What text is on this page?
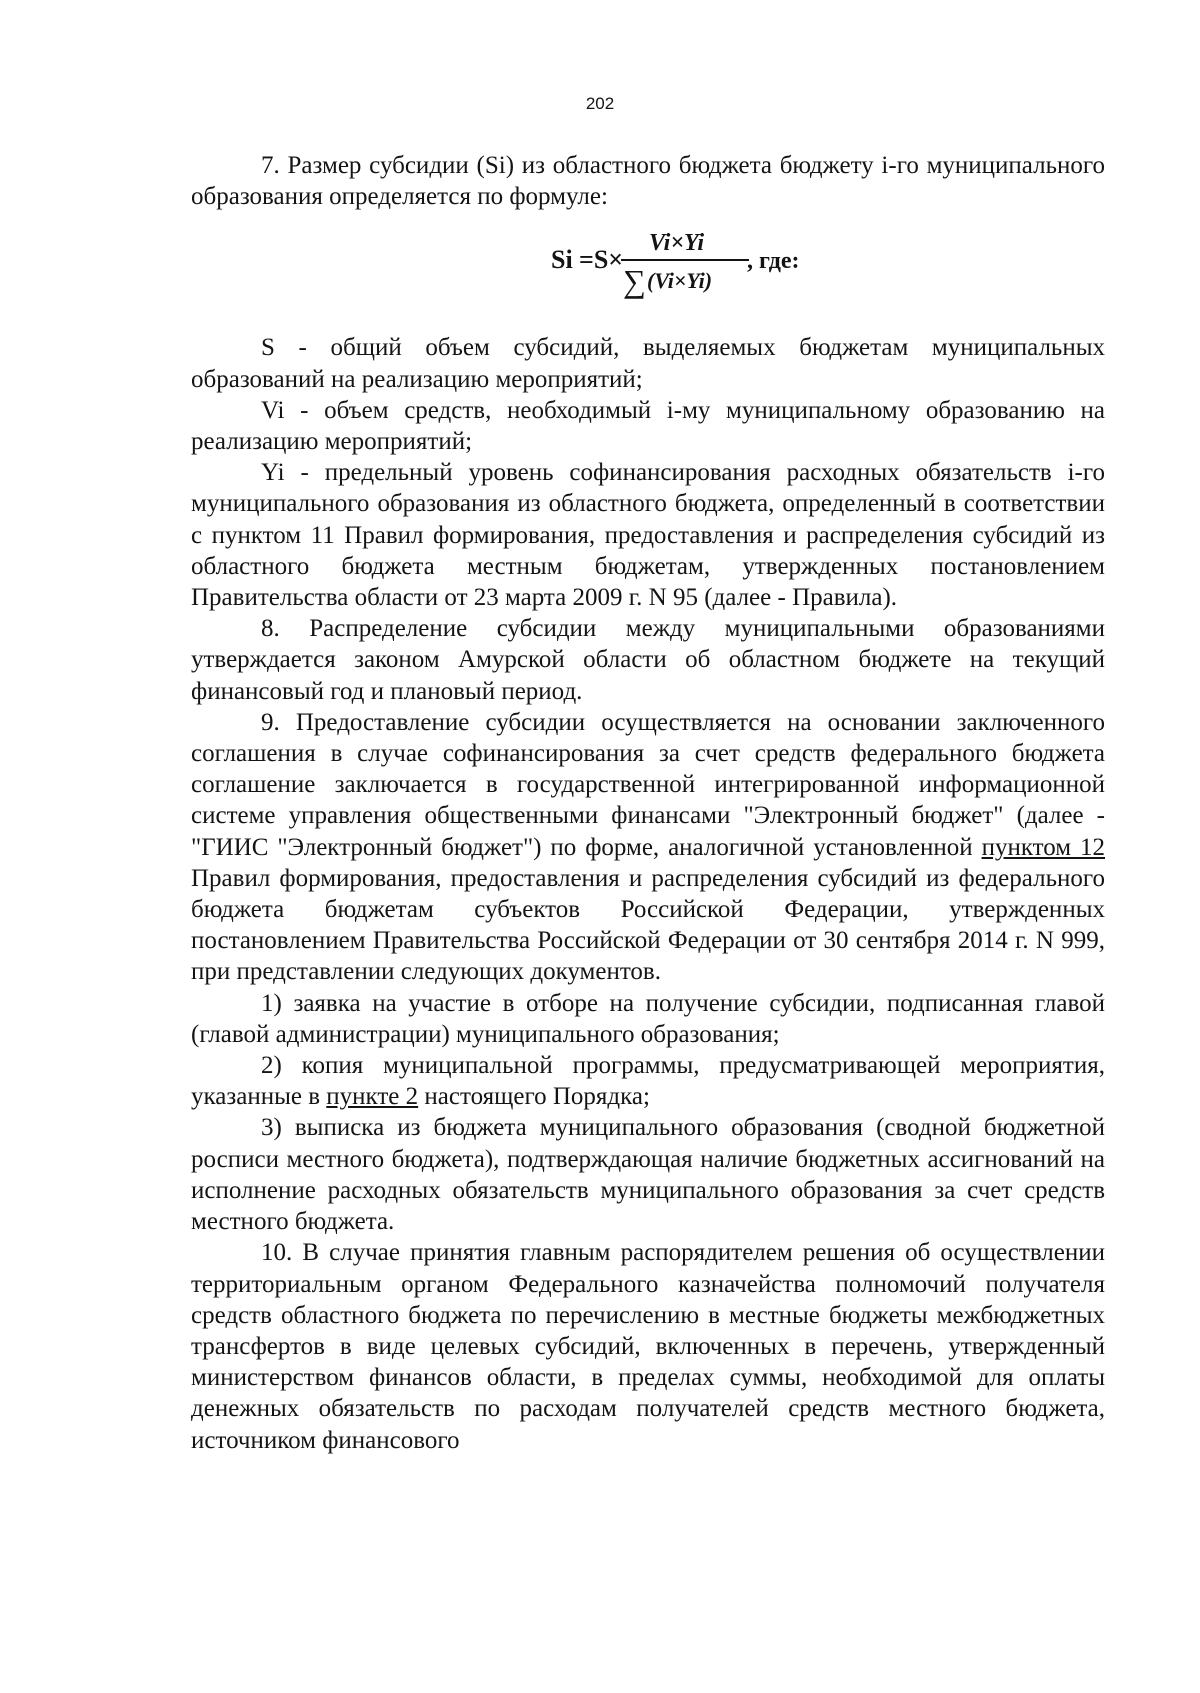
202

7. Размер субсидии (Si) из областного бюджета бюджету i-го муниципального образования определяется по формуле:

Si =S×
Vi×Yi
∑ (Vi×Yi)
, где:

S - общий объем субсидий, выделяемых бюджетам муниципальных образований на реализацию мероприятий;

Vi - объем средств, необходимый i-му муниципальному образованию на реализацию мероприятий;

Yi - предельный уровень софинансирования расходных обязательств i-го муниципального образования из областного бюджета, определенный в соответствии с пунктом 11 Правил формирования, предоставления и распределения субсидий из областного бюджета местным бюджетам, утвержденных постановлением Правительства области от 23 марта 2009 г. N 95 (далее - Правила).

8. Распределение субсидии между муниципальными образованиями утверждается законом Амурской области об областном бюджете на текущий финансовый год и плановый период.

9. Предоставление субсидии осуществляется на основании заключенного соглашения в случае софинансирования за счет средств федерального бюджета соглашение заключается в государственной интегрированной информационной системе управления общественными финансами "Электронный бюджет" (далее - "ГИИС "Электронный бюджет") по форме, аналогичной установленной пунктом 12 Правил формирования, предоставления и распределения субсидий из федерального бюджета бюджетам субъектов Российской Федерации, утвержденных постановлением Правительства Российской Федерации от 30 сентября 2014 г. N 999, при представлении следующих документов.

1) заявка на участие в отборе на получение субсидии, подписанная главой (главой администрации) муниципального образования;

2) копия муниципальной программы, предусматривающей мероприятия, указанные в пункте 2 настоящего Порядка;

3) выписка из бюджета муниципального образования (сводной бюджетной росписи местного бюджета), подтверждающая наличие бюджетных ассигнований на исполнение расходных обязательств муниципального образования за счет средств местного бюджета.

10. В случае принятия главным распорядителем решения об осуществлении территориальным органом Федерального казначейства полномочий получателя средств областного бюджета по перечислению в местные бюджеты межбюджетных трансфертов в виде целевых субсидий, включенных в перечень, утвержденный министерством финансов области, в пределах суммы, необходимой для оплаты денежных обязательств по расходам получателей средств местного бюджета, источником финансового
